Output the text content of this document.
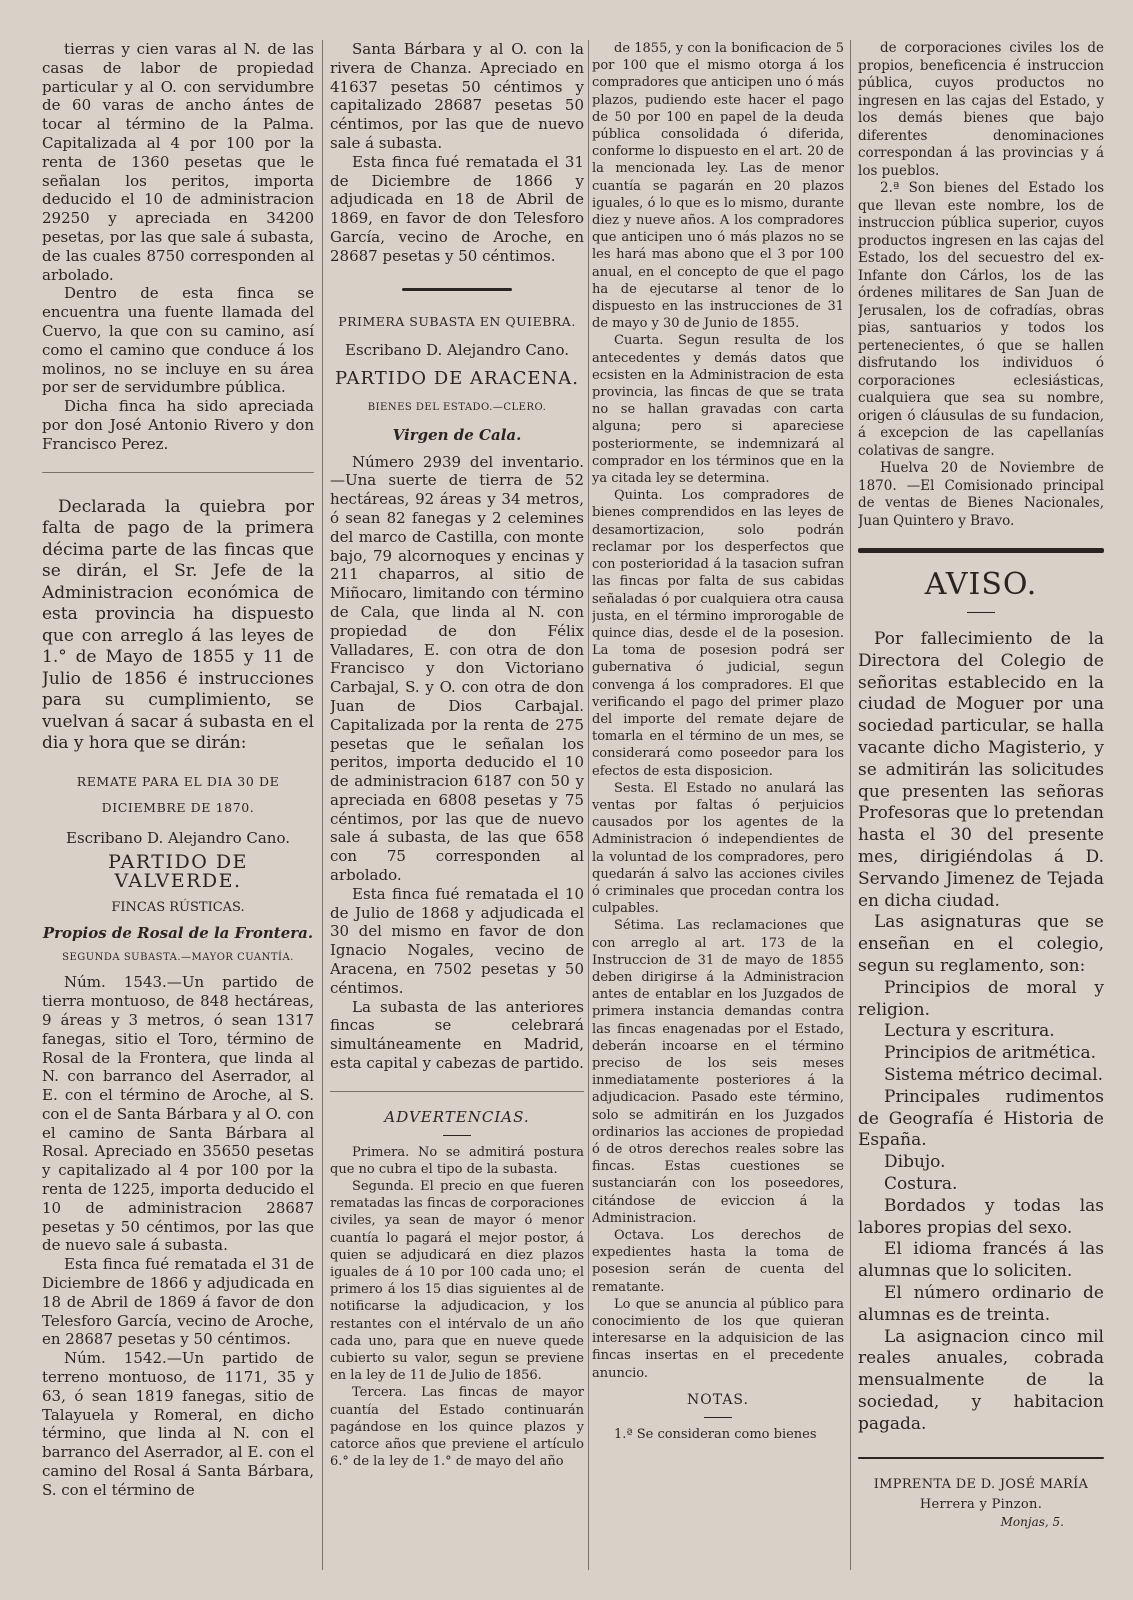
tierras y cien varas al N. de las casas de labor de propiedad particular y al O. con servidumbre de 60 varas de ancho ántes de tocar al término de la Palma. Capitalizada al 4 por 100 por la renta de 1360 pesetas que le señalan los peritos, importa deducido el 10 de administracion 29250 y apreciada en 34200 pesetas, por las que sale á subasta, de las cuales 8750 corresponden al arbolado.

Dentro de esta finca se encuentra una fuente llamada del Cuervo, la que con su camino, así como el camino que conduce á los molinos, no se incluye en su área por ser de servidumbre pública.

Dicha finca ha sido apreciada por don José Antonio Rivero y don Francisco Perez.

Declarada la quiebra por falta de pago de la primera décima parte de las fincas que se dirán, el Sr. Jefe de la Administracion económica de esta provincia ha dispuesto que con arreglo á las leyes de 1.° de Mayo de 1855 y 11 de Julio de 1856 é instrucciones para su cumplimiento, se vuelvan á sacar á subasta en el dia y hora que se dirán:

REMATE PARA EL DIA 30 DE DICIEMBRE DE 1870.

Escribano D. Alejandro Cano.

PARTIDO DE VALVERDE.

FINCAS RÚSTICAS.

Propios de Rosal de la Frontera.

SEGUNDA SUBASTA.—MAYOR CUANTÍA.

Núm. 1543.—Un partido de tierra montuoso, de 848 hectáreas, 9 áreas y 3 metros, ó sean 1317 fanegas, sitio el Toro, término de Rosal de la Frontera, que linda al N. con barranco del Aserrador, al E. con el término de Aroche, al S. con el de Santa Bárbara y al O. con el camino de Santa Bárbara al Rosal. Apreciado en 35650 pesetas y capitalizado al 4 por 100 por la renta de 1225, importa deducido el 10 de administracion 28687 pesetas y 50 céntimos, por las que de nuevo sale á subasta.

Esta finca fué rematada el 31 de Diciembre de 1866 y adjudicada en 18 de Abril de 1869 á favor de don Telesforo García, vecino de Aroche, en 28687 pesetas y 50 céntimos.

Núm. 1542.—Un partido de terreno montuoso, de 1171, 35 y 63, ó sean 1819 fanegas, sitio de Talayuela y Romeral, en dicho término, que linda al N. con el barranco del Aserrador, al E. con el camino del Rosal á Santa Bárbara, S. con el término de

Santa Bárbara y al O. con la rivera de Chanza. Apreciado en 41637 pesetas 50 céntimos y capitalizado 28687 pesetas 50 céntimos, por las que de nuevo sale á subasta.

Esta finca fué rematada el 31 de Diciembre de 1866 y adjudicada en 18 de Abril de 1869, en favor de don Telesforo García, vecino de Aroche, en 28687 pesetas y 50 céntimos.

PRIMERA SUBASTA EN QUIEBRA.

Escribano D. Alejandro Cano.

PARTIDO DE ARACENA.

BIENES DEL ESTADO.—CLERO.

Virgen de Cala.

Número 2939 del inventario. —Una suerte de tierra de 52 hectáreas, 92 áreas y 34 metros, ó sean 82 fanegas y 2 celemines del marco de Castilla, con monte bajo, 79 alcornoques y encinas y 211 chaparros, al sitio de Miñocaro, limitando con término de Cala, que linda al N. con propiedad de don Félix Valladares, E. con otra de don Francisco y don Victoriano Carbajal, S. y O. con otra de don Juan de Dios Carbajal. Capitalizada por la renta de 275 pesetas que le señalan los peritos, importa deducido el 10 de administracion 6187 con 50 y apreciada en 6808 pesetas y 75 céntimos, por las que de nuevo sale á subasta, de las que 658 con 75 corresponden al arbolado.

Esta finca fué rematada el 10 de Julio de 1868 y adjudicada el 30 del mismo en favor de don Ignacio Nogales, vecino de Aracena, en 7502 pesetas y 50 céntimos.

La subasta de las anteriores fincas se celebrará simultáneamente en Madrid, esta capital y cabezas de partido.

ADVERTENCIAS.

Primera. No se admitirá postura que no cubra el tipo de la subasta.

Segunda. El precio en que fueren rematadas las fincas de corporaciones civiles, ya sean de mayor ó menor cuantía lo pagará el mejor postor, á quien se adjudicará en diez plazos iguales de á 10 por 100 cada uno; el primero á los 15 dias siguientes al de notificarse la adjudicacion, y los restantes con el intérvalo de un año cada uno, para que en nueve quede cubierto su valor, segun se previene en la ley de 11 de Julio de 1856.

Tercera. Las fincas de mayor cuantía del Estado continuarán pagándose en los quince plazos y catorce años que previene el artículo 6.° de la ley de 1.° de mayo del año

de 1855, y con la bonificacion de 5 por 100 que el mismo otorga á los compradores que anticipen uno ó más plazos, pudiendo este hacer el pago de 50 por 100 en papel de la deuda pública consolidada ó diferida, conforme lo dispuesto en el art. 20 de la mencionada ley. Las de menor cuantía se pagarán en 20 plazos iguales, ó lo que es lo mismo, durante diez y nueve años. A los compradores que anticipen uno ó más plazos no se les hará mas abono que el 3 por 100 anual, en el concepto de que el pago ha de ejecutarse al tenor de lo dispuesto en las instrucciones de 31 de mayo y 30 de Junio de 1855.

Cuarta. Segun resulta de los antecedentes y demás datos que ecsisten en la Administracion de esta provincia, las fincas de que se trata no se hallan gravadas con carta alguna; pero si apareciese posteriormente, se indemnizará al comprador en los términos que en la ya citada ley se determina.

Quinta. Los compradores de bienes comprendidos en las leyes de desamortizacion, solo podrán reclamar por los desperfectos que con posterioridad á la tasacion sufran las fincas por falta de sus cabidas señaladas ó por cualquiera otra causa justa, en el término improrogable de quince dias, desde el de la posesion. La toma de posesion podrá ser gubernativa ó judicial, segun convenga á los compradores. El que verificando el pago del primer plazo del importe del remate dejare de tomarla en el término de un mes, se considerará como poseedor para los efectos de esta disposicion.

Sesta. El Estado no anulará las ventas por faltas ó perjuicios causados por los agentes de la Administracion ó independientes de la voluntad de los compradores, pero quedarán á salvo las acciones civiles ó criminales que procedan contra los culpables.

Sétima. Las reclamaciones que con arreglo al art. 173 de la Instruccion de 31 de mayo de 1855 deben dirigirse á la Administracion antes de entablar en los Juzgados de primera instancia demandas contra las fincas enagenadas por el Estado, deberán incoarse en el término preciso de los seis meses inmediatamente posteriores á la adjudicacion. Pasado este término, solo se admitirán en los Juzgados ordinarios las acciones de propiedad ó de otros derechos reales sobre las fincas. Estas cuestiones se sustanciarán con los poseedores, citándose de eviccion á la Administracion.

Octava. Los derechos de expedientes hasta la toma de posesion serán de cuenta del rematante.

Lo que se anuncia al público para conocimiento de los que quieran interesarse en la adquisicion de las fincas insertas en el precedente anuncio.

NOTAS.

1.ª Se consideran como bienes

de corporaciones civiles los de propios, beneficencia é instruccion pública, cuyos productos no ingresen en las cajas del Estado, y los demás bienes que bajo diferentes denominaciones correspondan á las provincias y á los pueblos.

2.ª Son bienes del Estado los que llevan este nombre, los de instruccion pública superior, cuyos productos ingresen en las cajas del Estado, los del secuestro del ex-Infante don Cárlos, los de las órdenes militares de San Juan de Jerusalen, los de cofradías, obras pias, santuarios y todos los pertenecientes, ó que se hallen disfrutando los individuos ó corporaciones eclesiásticas, cualquiera que sea su nombre, origen ó cláusulas de su fundacion, á excepcion de las capellanías colativas de sangre.

Huelva 20 de Noviembre de 1870. —El Comisionado principal de ventas de Bienes Nacionales, Juan Quintero y Bravo.

AVISO.

Por fallecimiento de la Directora del Colegio de señoritas establecido en la ciudad de Moguer por una sociedad particular, se halla vacante dicho Magisterio, y se admitirán las solicitudes que presenten las señoras Profesoras que lo pretendan hasta el 30 del presente mes, dirigiéndolas á D. Servando Jimenez de Tejada en dicha ciudad.

Las asignaturas que se enseñan en el colegio, segun su reglamento, son:

Principios de moral y religion.

Lectura y escritura.

Principios de aritmética.

Sistema métrico decimal.

Principales rudimentos de Geografía é Historia de España.

Dibujo.

Costura.

Bordados y todas las labores propias del sexo.

El idioma francés á las alumnas que lo soliciten.

El número ordinario de alumnas es de treinta.

La asignacion cinco mil reales anuales, cobrada mensualmente de la sociedad, y habitacion pagada.

IMPRENTA DE D. JOSÉ MARÍA Herrera y Pinzon.
Monjas, 5.
